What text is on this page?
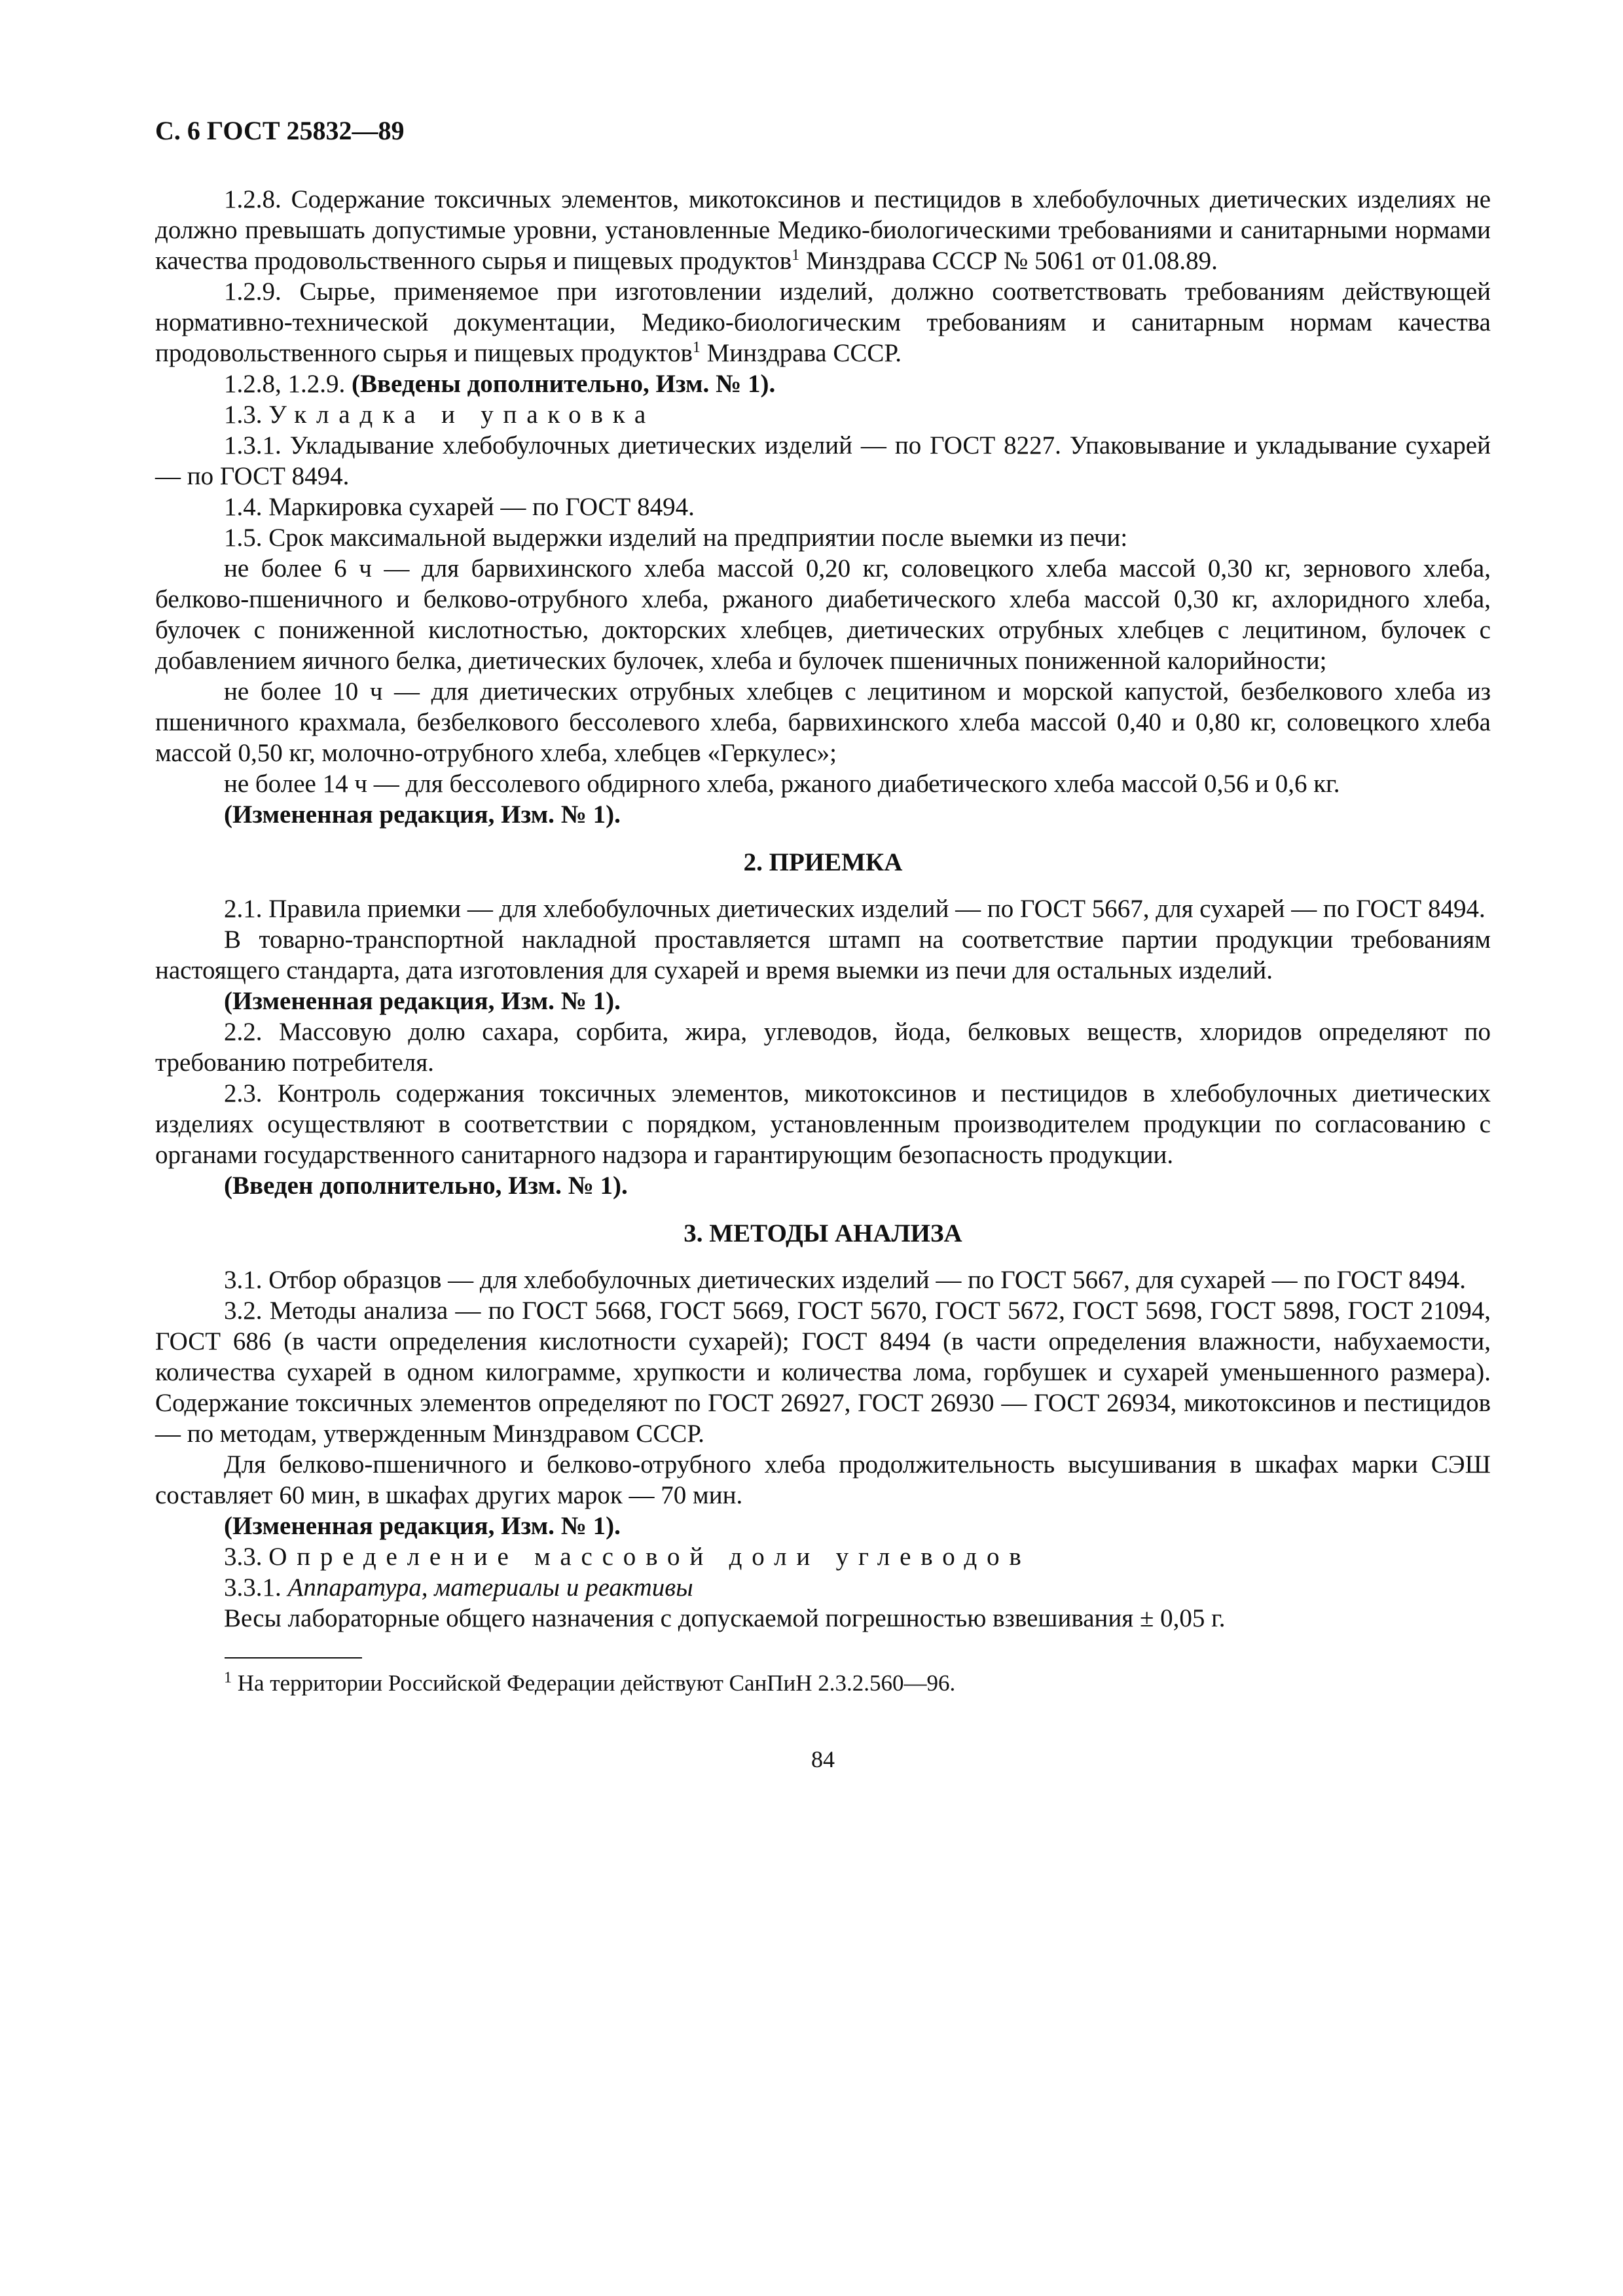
С. 6 ГОСТ 25832—89

1.2.8. Содержание токсичных элементов, микотоксинов и пестицидов в хлебобулочных диетических изделиях не должно превышать допустимые уровни, установленные Медико-биологическими требованиями и санитарными нормами качества продовольственного сырья и пищевых продуктов$^1$ Минздрава СССР № 5061 от 01.08.89.

1.2.9. Сырье, применяемое при изготовлении изделий, должно соответствовать требованиям действующей нормативно-технической документации, Медико-биологическим требованиям и санитарным нормам качества продовольственного сырья и пищевых продуктов$^1$ Минздрава СССР.

1.2.8, 1.2.9. (Введены дополнительно, Изм. № 1).

1.3. Укладка и упаковка

1.3.1. Укладывание хлебобулочных диетических изделий — по ГОСТ 8227. Упаковывание и укладывание сухарей — по ГОСТ 8494.

1.4. Маркировка сухарей — по ГОСТ 8494.

1.5. Срок максимальной выдержки изделий на предприятии после выемки из печи:

не более 6 ч — для барвихинского хлеба массой 0,20 кг, соловецкого хлеба массой 0,30 кг, зернового хлеба, белково-пшеничного и белково-отрубного хлеба, ржаного диабетического хлеба массой 0,30 кг, ахлоридного хлеба, булочек с пониженной кислотностью, докторских хлебцев, диетических отрубных хлебцев с лецитином, булочек с добавлением яичного белка, диетических булочек, хлеба и булочек пшеничных пониженной калорийности;

не более 10 ч — для диетических отрубных хлебцев с лецитином и морской капустой, безбелкового хлеба из пшеничного крахмала, безбелкового бессолевого хлеба, барвихинского хлеба массой 0,40 и 0,80 кг, соловецкого хлеба массой 0,50 кг, молочно-отрубного хлеба, хлебцев «Геркулес»;

не более 14 ч — для бессолевого обдирного хлеба, ржаного диабетического хлеба массой 0,56 и 0,6 кг.

(Измененная редакция, Изм. № 1).

2. ПРИЕМКА

2.1. Правила приемки — для хлебобулочных диетических изделий — по ГОСТ 5667, для сухарей — по ГОСТ 8494.

В товарно-транспортной накладной проставляется штамп на соответствие партии продукции требованиям настоящего стандарта, дата изготовления для сухарей и время выемки из печи для остальных изделий.

(Измененная редакция, Изм. № 1).

2.2. Массовую долю сахара, сорбита, жира, углеводов, йода, белковых веществ, хлоридов определяют по требованию потребителя.

2.3. Контроль содержания токсичных элементов, микотоксинов и пестицидов в хлебобулочных диетических изделиях осуществляют в соответствии с порядком, установленным производителем продукции по согласованию с органами государственного санитарного надзора и гарантирующим безопасность продукции.

(Введен дополнительно, Изм. № 1).

3. МЕТОДЫ АНАЛИЗА

3.1. Отбор образцов — для хлебобулочных диетических изделий — по ГОСТ 5667, для сухарей — по ГОСТ 8494.

3.2. Методы анализа — по ГОСТ 5668, ГОСТ 5669, ГОСТ 5670, ГОСТ 5672, ГОСТ 5698, ГОСТ 5898, ГОСТ 21094, ГОСТ 686 (в части определения кислотности сухарей); ГОСТ 8494 (в части определения влажности, набухаемости, количества сухарей в одном килограмме, хрупкости и количества лома, горбушек и сухарей уменьшенного размера). Содержание токсичных элементов определяют по ГОСТ 26927, ГОСТ 26930 — ГОСТ 26934, микотоксинов и пестицидов — по методам, утвержденным Минздравом СССР.

Для белково-пшеничного и белково-отрубного хлеба продолжительность высушивания в шкафах марки СЭШ составляет 60 мин, в шкафах других марок — 70 мин.

(Измененная редакция, Изм. № 1).

3.3. Определение массовой доли углеводов

3.3.1. Аппаратура, материалы и реактивы

Весы лабораторные общего назначения с допускаемой погрешностью взвешивания ± 0,05 г.

$^1$ На территории Российской Федерации действуют СанПиН 2.3.2.560—96.

84
